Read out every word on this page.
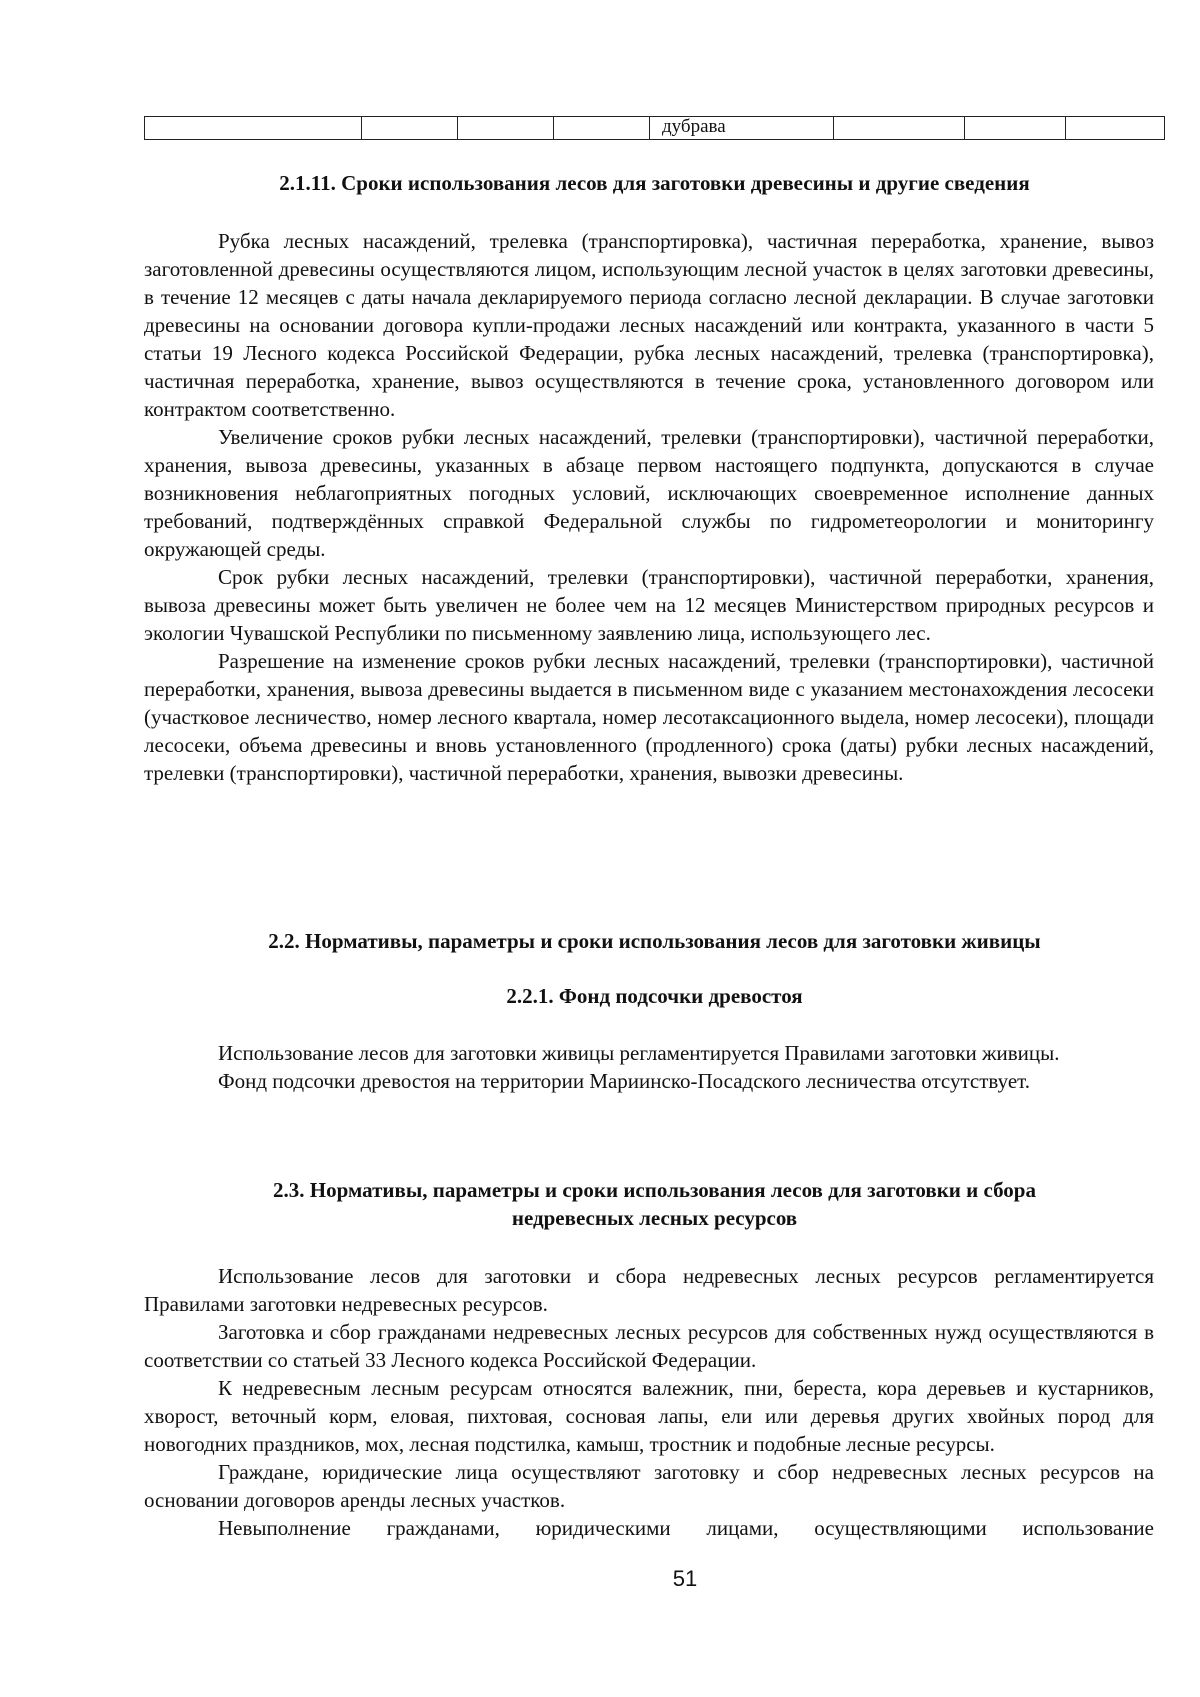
дубрава
2.1.11. Сроки использования лесов для заготовки древесины и другие сведения

Рубка лесных насаждений, трелевка (транспортировка), частичная переработка, хранение, вывоз заготовленной древесины осуществляются лицом, использующим лесной участок в целях заготовки древесины, в течение 12 месяцев с даты начала декларируемого периода согласно лесной декларации. В случае заготовки древесины на основании договора купли-продажи лесных насаждений или контракта, указанного в части 5 статьи 19 Лесного кодекса Российской Федерации, рубка лесных насаждений, трелевка (транспортировка), частичная переработка, хранение, вывоз осуществляются в течение срока, установленного договором или контрактом соответственно.

Увеличение сроков рубки лесных насаждений, трелевки (транспортировки), частичной переработки, хранения, вывоза древесины, указанных в абзаце первом настоящего подпункта, допускаются в случае возникновения неблагоприятных погодных условий, исключающих своевременное исполнение данных требований, подтверждённых справкой Федеральной службы по гидрометеорологии и мониторингу окружающей среды.

Срок рубки лесных насаждений, трелевки (транспортировки), частичной переработки, хранения, вывоза древесины может быть увеличен не более чем на 12 месяцев Министерством природных ресурсов и экологии Чувашской Республики по письменному заявлению лица, использующего лес.

Разрешение на изменение сроков рубки лесных насаждений, трелевки (транспортировки), частичной переработки, хранения, вывоза древесины выдается в письменном виде с указанием местонахождения лесосеки (участковое лесничество, номер лесного квартала, номер лесотаксационного выдела, номер лесосеки), площади лесосеки, объема древесины и вновь установленного (продленного) срока (даты) рубки лесных насаждений, трелевки (транспортировки), частичной переработки, хранения, вывозки древесины.

2.2. Нормативы, параметры и сроки использования лесов для заготовки живицы
2.2.1. Фонд подсочки древостоя

Использование лесов для заготовки живицы регламентируется Правилами заготовки живицы.

Фонд подсочки древостоя на территории Мариинско-Посадского лесничества отсутствует.

2.3. Нормативы, параметры и сроки использования лесов для заготовки и сбора
недревесных лесных ресурсов

Использование лесов для заготовки и сбора недревесных лесных ресурсов регламентируется Правилами заготовки недревесных ресурсов.

Заготовка и сбор гражданами недревесных лесных ресурсов для собственных нужд осуществляются в соответствии со статьей 33 Лесного кодекса Российской Федерации.

К недревесным лесным ресурсам относятся валежник, пни, береста, кора деревьев и кустарников, хворост, веточный корм, еловая, пихтовая, сосновая лапы, ели или деревья других хвойных пород для новогодних праздников, мох, лесная подстилка, камыш, тростник и подобные лесные ресурсы.

Граждане, юридические лица осуществляют заготовку и сбор недревесных лесных ресурсов на основании договоров аренды лесных участков.

Невыполнение гражданами, юридическими лицами, осуществляющими использование

51
